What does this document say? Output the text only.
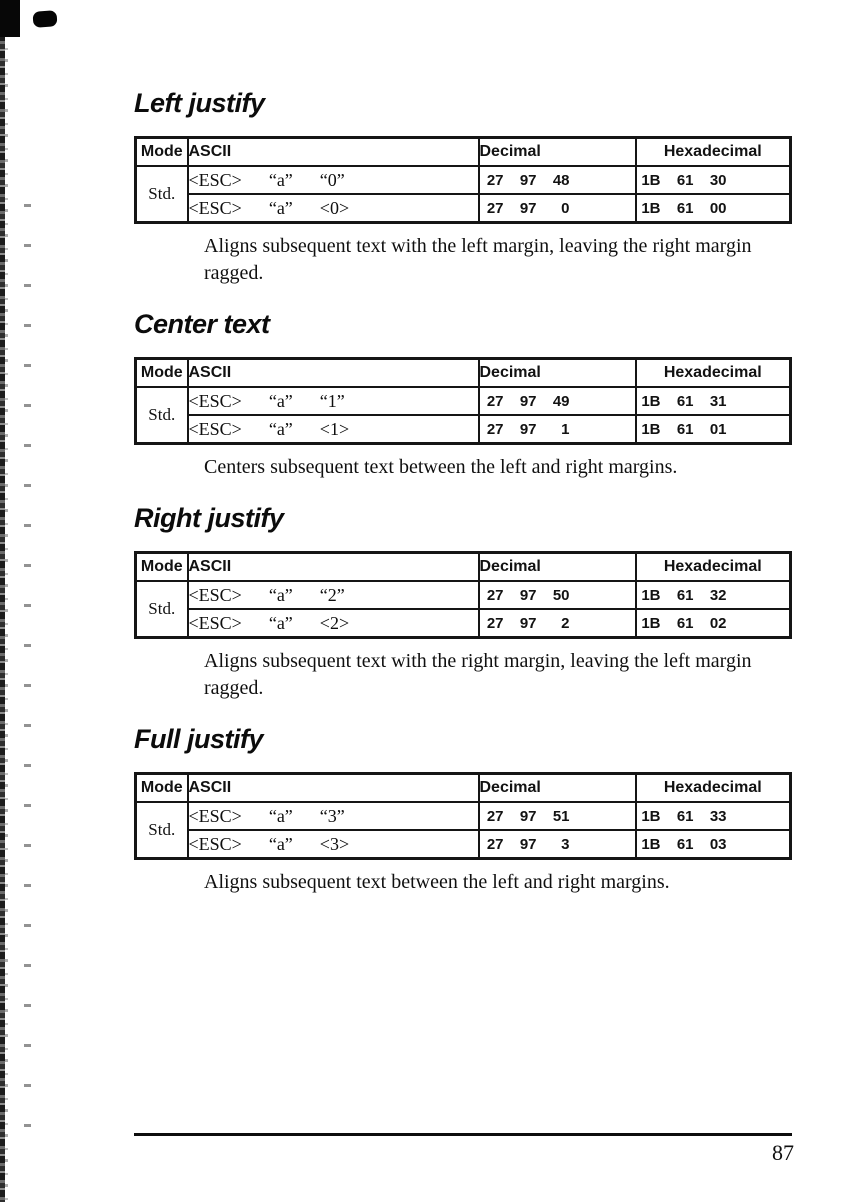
Left justify
Mode	ASCII	Decimal	Hexadecimal
Std.	<ESC> “a” “0”	27 97 48	1B 61 30
	<ESC> “a” <0>	27 97 0	1B 61 00
Aligns subsequent text with the left margin, leaving the right margin
ragged.
Center text
Mode	ASCII	Decimal	Hexadecimal
Std.	<ESC> “a” “1”	27 97 49	1B 61 31
	<ESC> “a” <1>	27 97 1	1B 61 01
Centers subsequent text between the left and right margins.
Right justify
Mode	ASCII	Decimal	Hexadecimal
Std.	<ESC> “a” “2”	27 97 50	1B 61 32
	<ESC> “a” <2>	27 97 2	1B 61 02
Aligns subsequent text with the right margin, leaving the left margin
ragged.
Full justify
Mode	ASCII	Decimal	Hexadecimal
Std.	<ESC> “a” “3”	27 97 51	1B 61 33
	<ESC> “a” <3>	27 97 3	1B 61 03
Aligns subsequent text between the left and right margins.
87
